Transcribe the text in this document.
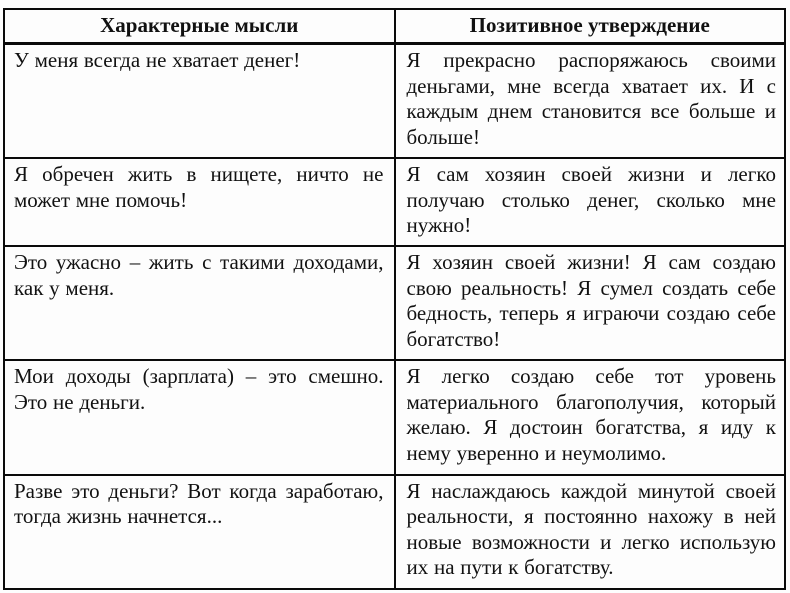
Характерные мысли	Позитивное утверждение
У меня всегда не хватает денег!	Я прекрасно распоряжаюсь своими деньгами, мне всегда хватает их. И с каждым днем становится все больше и больше!
Я обречен жить в нищете, ничто не может мне помочь!	Я сам хозяин своей жизни и легко получаю столько денег, сколько мне нужно!
Это ужасно – жить с такими доходами, как у меня.	Я хозяин своей жизни! Я сам создаю свою реальность! Я сумел создать себе бедность, теперь я играючи создаю себе богатство!
Мои доходы (зарплата) – это смешно. Это не деньги.	Я легко создаю себе тот уровень материального благополучия, который желаю. Я достоин богатства, я иду к нему уверенно и неумолимо.
Разве это деньги? Вот когда заработаю, тогда жизнь начнется...	Я наслаждаюсь каждой минутой своей реальности, я постоянно нахожу в ней новые возможности и легко использую их на пути к богатству.
